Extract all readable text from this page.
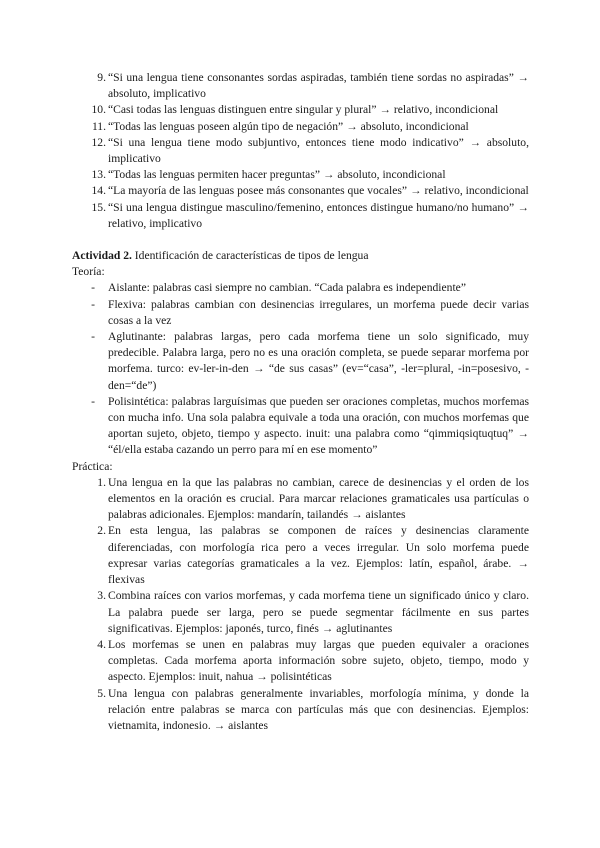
9. “Si una lengua tiene consonantes sordas aspiradas, también tiene sordas no aspiradas” → absoluto, implicativo

10. “Casi todas las lenguas distinguen entre singular y plural” → relativo, incondicional

11. “Todas las lenguas poseen algún tipo de negación” → absoluto, incondicional

12. “Si una lengua tiene modo subjuntivo, entonces tiene modo indicativo” → absoluto, implicativo

13. “Todas las lenguas permiten hacer preguntas” → absoluto, incondicional

14. “La mayoría de las lenguas posee más consonantes que vocales” → relativo, incondicional

15. “Si una lengua distingue masculino/femenino, entonces distingue humano/no humano” → relativo, implicativo

Actividad 2. Identificación de características de tipos de lengua

Teoría:

-	Aislante: palabras casi siempre no cambian. “Cada palabra es independiente”

-	Flexiva: palabras cambian con desinencias irregulares, un morfema puede decir varias cosas a la vez

-	Aglutinante: palabras largas, pero cada morfema tiene un solo significado, muy predecible. Palabra larga, pero no es una oración completa, se puede separar morfema por morfema. turco: ev-ler-in-den → “de sus casas” (ev=“casa”, -ler=plural, -in=posesivo, -den=“de”)

-	Polisintética: palabras larguísimas que pueden ser oraciones completas, muchos morfemas con mucha info. Una sola palabra equivale a toda una oración, con muchos morfemas que aportan sujeto, objeto, tiempo y aspecto. inuit: una palabra como “qimmiqsiqtuqtuq” → “él/ella estaba cazando un perro para mí en ese momento”

Práctica:

1. Una lengua en la que las palabras no cambian, carece de desinencias y el orden de los elementos en la oración es crucial. Para marcar relaciones gramaticales usa partículas o palabras adicionales. Ejemplos: mandarín, tailandés → aislantes

2. En esta lengua, las palabras se componen de raíces y desinencias claramente diferenciadas, con morfología rica pero a veces irregular. Un solo morfema puede expresar varias categorías gramaticales a la vez. Ejemplos: latín, español, árabe. → flexivas

3. Combina raíces con varios morfemas, y cada morfema tiene un significado único y claro. La palabra puede ser larga, pero se puede segmentar fácilmente en sus partes significativas. Ejemplos: japonés, turco, finés → aglutinantes

4. Los morfemas se unen en palabras muy largas que pueden equivaler a oraciones completas. Cada morfema aporta información sobre sujeto, objeto, tiempo, modo y aspecto. Ejemplos: inuit, nahua → polisintéticas

5. Una lengua con palabras generalmente invariables, morfología mínima, y donde la relación entre palabras se marca con partículas más que con desinencias. Ejemplos: vietnamita, indonesio. → aislantes
